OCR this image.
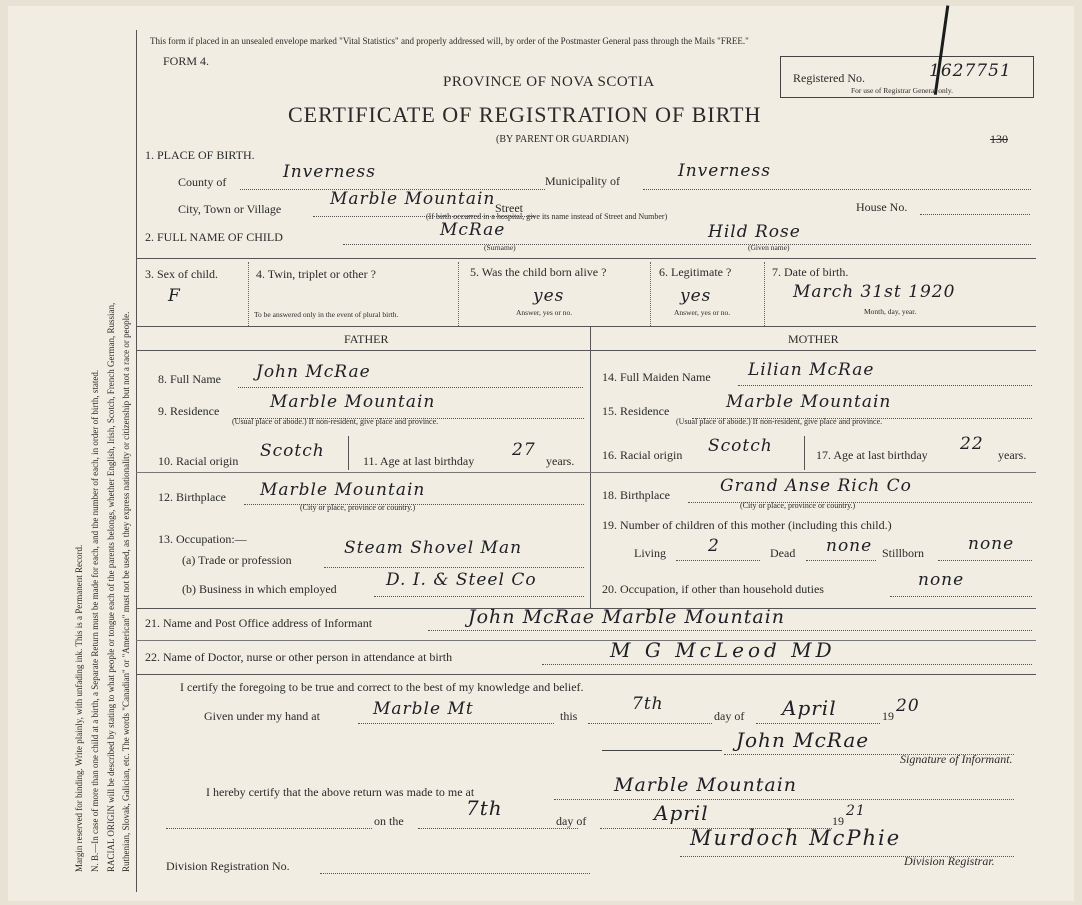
Margin reserved for binding. Write plainly, with unfading ink. This is a Permanent Record. N. B.—In case of more than one child at a birth, a Separate Return must be made for each, and the number of each, in order of birth, stated. RACIAL ORIGIN will be described by stating to what people or tongue each of the parents belongs, whether English, Irish, Scotch, French German, Russian, Ruthenian, Slovak, Galician, etc. The words "Canadian" or "American" must not be used, as they express nationality or citizenship but not a race or people.
This form if placed in an unsealed envelope marked "Vital Statistics" and properly addressed will, by order of the Postmaster General pass through the Mails "FREE."
FORM 4.
Registered No.	1627751
For use of Registrar General only.
PROVINCE OF NOVA SCOTIA
CERTIFICATE OF REGISTRATION OF BIRTH
(BY PARENT OR GUARDIAN)	130
1. PLACE OF BIRTH.
County of	Inverness	Municipality of	Inverness
City, Town or Village	Marble Mountain Street	House No.
(If birth occurred in a hospital, give its name instead of Street and Number)
2. FULL NAME OF CHILD	McRae
(Surname)
Hild Rose
(Given name)
3. Sex of child.
F
4. Twin, triplet or other ?
To be answered only in the event of plural birth.
5. Was the child born alive ?
yes
Answer, yes or no.
6. Legitimate ?
yes
Answer, yes or no.
7. Date of birth.
March 31st 1920
Month, day, year.
FATHER	MOTHER
8. Full Name John McRae
9. Residence	Marble Mountain
(Usual place of abode.) If non-resident, give place and province.
10. Racial origin Scotch	11. Age at last birthday
27
years.
12. Birthplace Marble Mountain
(City or place, province or country.)
13. Occupation:—
(a) Trade or profession
Steam Shovel Man
(b) Business in which employed	D. I. & Steel Co
14. Full Maiden Name Lilian McRae
15. Residence	Marble Mountain
(Usual place of abode.) If non-resident, give place and province.
16. Racial origin Scotch	17. Age at last birthday
22
years.
18. Birthplace	Grand Anse Rich Co
(City or place, province or country.)
19. Number of children of this mother (including this child.)
Living 2	Dead none Stillborn	none
20. Occupation, if other than household duties	none
21. Name and Post Office address of Informant	John McRae Marble Mountain
22. Name of Doctor, nurse or other person in attendance at birth	M G McLeod MD
I certify the foregoing to be true and correct to the best of my knowledge and belief.
Given under my hand at	Marble Mt	this
7th
day of April	19 20
John McRae
Signature of Informant.
I hereby certify that the above return was made to me at	Marble Mountain
on the
7th
day of	April	19
21
Murdoch McPhie
Division Registrar.
Division Registration No.
